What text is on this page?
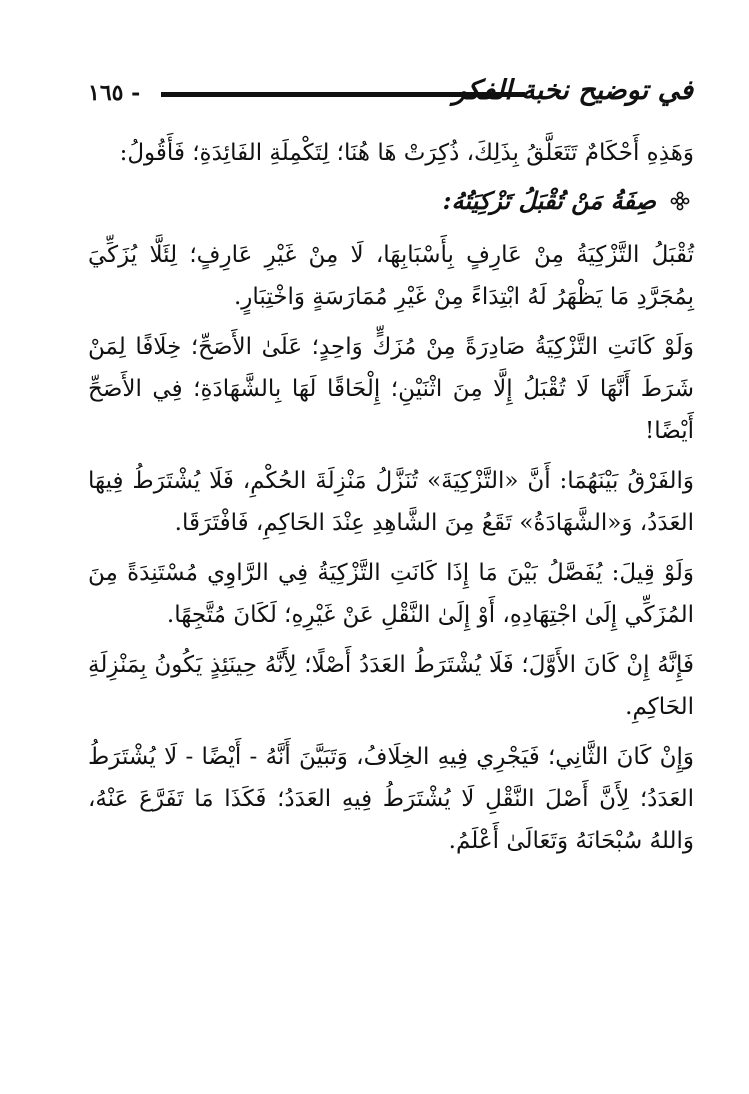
١٦٥ -	في توضيح نخبة الفكر

وَهَذِهِ أَحْكَامٌ تَتَعَلَّقُ بِذَلِكَ، ذُكِرَتْ هَا هُنَا؛ لِتَكْمِلَةِ الفَائِدَةِ؛ فَأَقُولُ:

صِفَةُ مَنْ تُقْبَلُ تَزْكِيَتُهُ:

تُقْبَلُ التَّزْكِيَةُ مِنْ عَارِفٍ بِأَسْبَابِهَا، لَا مِنْ غَيْرِ عَارِفٍ؛ لِئَلَّا يُزَكِّيَ بِمُجَرَّدِ مَا يَظْهَرُ لَهُ ابْتِدَاءً مِنْ غَيْرِ مُمَارَسَةٍ وَاخْتِبَارٍ.

وَلَوْ كَانَتِ التَّزْكِيَةُ صَادِرَةً مِنْ مُزَكٍّ وَاحِدٍ؛ عَلَىٰ الأَصَحِّ؛ خِلَافًا لِمَنْ شَرَطَ أَنَّهَا لَا تُقْبَلُ إِلَّا مِنَ اثْنَيْنِ؛ إِلْحَاقًا لَهَا بِالشَّهَادَةِ؛ فِي الأَصَحِّ أَيْضًا!

وَالفَرْقُ بَيْنَهُمَا: أَنَّ «التَّزْكِيَةَ» تُنَزَّلُ مَنْزِلَةَ الحُكْمِ، فَلَا يُشْتَرَطُ فِيهَا العَدَدُ، وَ«الشَّهَادَةُ» تَقَعُ مِنَ الشَّاهِدِ عِنْدَ الحَاكِمِ، فَافْتَرَقَا.

وَلَوْ قِيلَ: يُفَصَّلُ بَيْنَ مَا إِذَا كَانَتِ التَّزْكِيَةُ فِي الرَّاوِي مُسْتَنِدَةً مِنَ المُزَكِّي إِلَىٰ اجْتِهَادِهِ، أَوْ إِلَىٰ النَّقْلِ عَنْ غَيْرِهِ؛ لَكَانَ مُتَّجِهًا.

فَإِنَّهُ إِنْ كَانَ الأَوَّلَ؛ فَلَا يُشْتَرَطُ العَدَدُ أَصْلًا؛ لِأَنَّهُ حِينَئِذٍ يَكُونُ بِمَنْزِلَةِ الحَاكِمِ.

وَإِنْ كَانَ الثَّانِي؛ فَيَجْرِي فِيهِ الخِلَافُ، وَتَبَيَّنَ أَنَّهُ - أَيْضًا - لَا يُشْتَرَطُ العَدَدُ؛ لِأَنَّ أَصْلَ النَّقْلِ لَا يُشْتَرَطُ فِيهِ العَدَدُ؛ فَكَذَا مَا تَفَرَّعَ عَنْهُ، وَاللهُ سُبْحَانَهُ وَتَعَالَىٰ أَعْلَمُ.
